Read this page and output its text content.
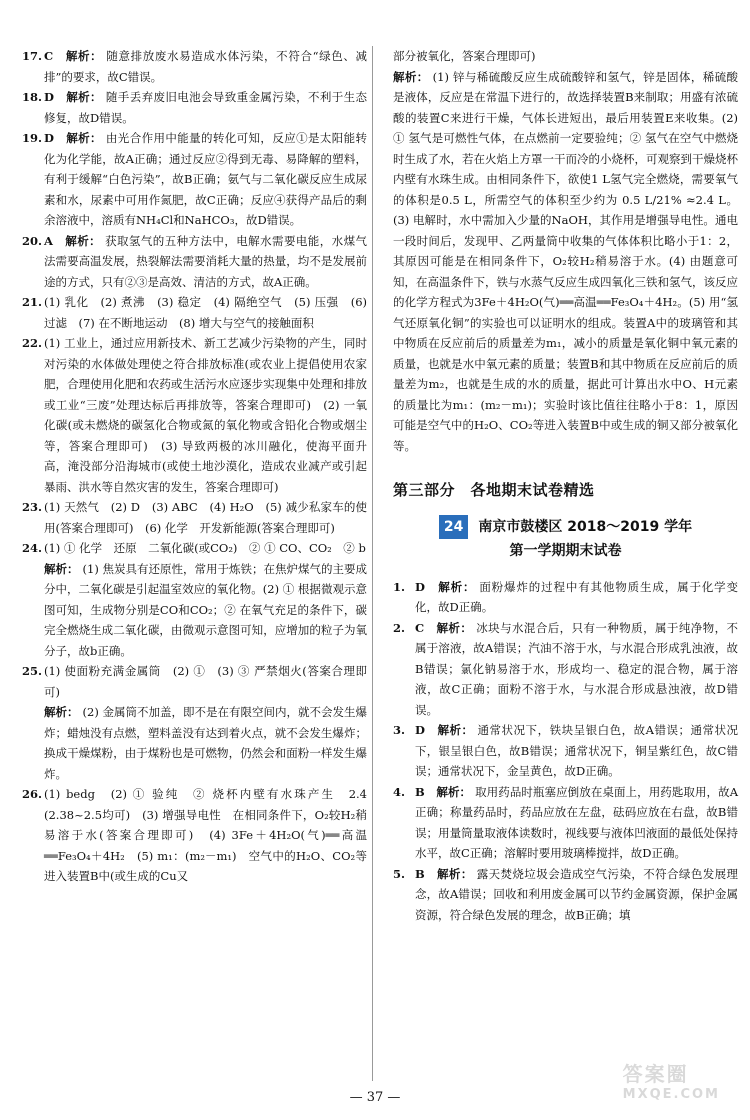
17. C　 解析： 随意排放废水易造成水体污染，不符合“绿色、减排”的要求，故C错误。

18. D　 解析： 随手丢弃废旧电池会导致重金属污染，不利于生态修复，故D错误。

19. D　 解析： 由光合作用中能量的转化可知，反应①是太阳能转化为化学能，故A正确；通过反应②得到无毒、易降解的塑料，有利于缓解“白色污染”，故B正确；氨气与二氧化碳反应生成尿素和水，尿素中可用作氮肥，故C正确；反应④获得产品后的剩余溶液中，溶质有NH₄Cl和NaHCO₃，故D错误。

20. A　 解析： 获取氢气的五种方法中，电解水需要电能，水煤气法需要高温发展，热裂解法需要消耗大量的热量，均不是发展前途的方式，只有②③是高效、清洁的方式，故A正确。

21. (1) 乳化　(2) 煮沸　(3) 稳定　(4) 隔绝空气　(5) 压强　(6) 过滤　(7) 在不断地运动　(8) 增大与空气的接触面积

22. (1) 工业上，通过应用新技术、新工艺减少污染物的产生，同时对污染的水体做处理使之符合排放标准(或农业上提倡使用农家肥，合理使用化肥和农药或生活污水应逐步实现集中处理和排放或工业“三废”处理达标后再排放等，答案合理即可)　(2) 一氧化碳(或未燃烧的碳氢化合物或氮的氧化物或含铅化合物或烟尘等，答案合理即可)　(3) 导致两极的冰川融化，使海平面升高，淹没部分沿海城市(或使土地沙漠化，造成农业减产或引起暴雨、洪水等自然灾害的发生，答案合理即可)

23. (1) 天然气　(2) D　(3) ABC　(4) H₂O　(5) 减少私家车的使用(答案合理即可)　(6) 化学　开发新能源(答案合理即可)

24. (1) ① 化学　还原　二氧化碳(或CO₂)　② ① CO、CO₂　② b
解析： (1) 焦炭具有还原性，常用于炼铁；在焦炉煤气的主要成分中，二氧化碳是引起温室效应的氧化物。(2) ① 根据微观示意图可知，生成物分别是CO和CO₂；② 在氧气充足的条件下，碳完全燃烧生成二氧化碳，由微观示意图可知，应增加的粒子为氧分子，故b正确。

25. (1) 使面粉充满金属筒　(2) ①　(3) ③ 严禁烟火(答案合理即可)
解析： (2) 金属筒不加盖，即不是在有限空间内，就不会发生爆炸；蜡烛没有点燃，塑料盖没有达到着火点，就不会发生爆炸；换成干燥煤粉，由于煤粉也是可燃物，仍然会和面粉一样发生爆炸。

26. (1) bedg　(2) ① 验纯　② 烧杯内壁有水珠产生　2.4 (2.38~2.5均可)　(3) 增强导电性　在相同条件下，O₂较H₂稍易溶于水(答案合理即可)　(4) 3Fe＋4H₂O(气)══高温══Fe₃O₄＋4H₂　(5) m₁：(m₂－m₁)　空气中的H₂O、CO₂等进入装置B中(或生成的Cu又

部分被氧化，答案合理即可)

解析： (1) 锌与稀硫酸反应生成硫酸锌和氢气，锌是固体，稀硫酸是液体，反应是在常温下进行的，故选择装置B来制取；用盛有浓硫酸的装置C来进行干燥，气体长进短出，最后用装置E来收集。(2) ① 氢气是可燃性气体，在点燃前一定要验纯；② 氢气在空气中燃烧时生成了水，若在火焰上方罩一干而冷的小烧杯，可观察到干燥烧杯内壁有水珠生成。由相同条件下，欲使1 L氢气完全燃烧，需要氧气的体积是0.5 L，所需空气的体积至少约为 0.5 L/21% ≈2.4 L。(3) 电解时，水中需加入少量的NaOH，其作用是增强导电性。通电一段时间后，发现甲、乙两量筒中收集的气体体积比略小于1：2，其原因可能是在相同条件下，O₂较H₂稍易溶于水。(4) 由题意可知，在高温条件下，铁与水蒸气反应生成四氧化三铁和氢气，该反应的化学方程式为3Fe＋4H₂O(气)══高温══Fe₃O₄＋4H₂。(5) 用“氢气还原氧化铜”的实验也可以证明水的组成。装置A中的玻璃管和其中物质在反应前后的质量差为m₁，减小的质量是氧化铜中氧元素的质量，也就是水中氧元素的质量；装置B和其中物质在反应前后的质量差为m₂，也就是生成的水的质量，据此可计算出水中O、H元素的质量比为m₁：(m₂－m₁)；实验时该比值往往略小于8：1，原因可能是空气中的H₂O、CO₂等进入装置B中或生成的铜又部分被氧化等。

第三部分　各地期末试卷精选
24 南京市鼓楼区 2018～2019 学年
第一学期期末试卷

1. D　 解析： 面粉爆炸的过程中有其他物质生成，属于化学变化，故D正确。

2. C　 解析： 冰块与水混合后，只有一种物质，属于纯净物，不属于溶液，故A错误；汽油不溶于水，与水混合形成乳浊液，故B错误；氯化钠易溶于水，形成均一、稳定的混合物，属于溶液，故C正确；面粉不溶于水，与水混合形成悬浊液，故D错误。

3. D　 解析： 通常状况下，铁块呈银白色，故A错误；通常状况下，银呈银白色，故B错误；通常状况下，铜呈紫红色，故C错误；通常状况下，金呈黄色，故D正确。

4. B　 解析： 取用药品时瓶塞应倒放在桌面上，用药匙取用，故A正确；称量药品时，药品应放在左盘，砝码应放在右盘，故B错误；用量筒量取液体读数时，视线要与液体凹液面的最低处保持水平，故C正确；溶解时要用玻璃棒搅拌，故D正确。

5. B　 解析： 露天焚烧垃圾会造成空气污染，不符合绿色发展理念，故A错误；回收和利用废金属可以节约金属资源，保护金属资源，符合绿色发展的理念，故B正确；填

— 37 —
答案圈
MXQE.COM
